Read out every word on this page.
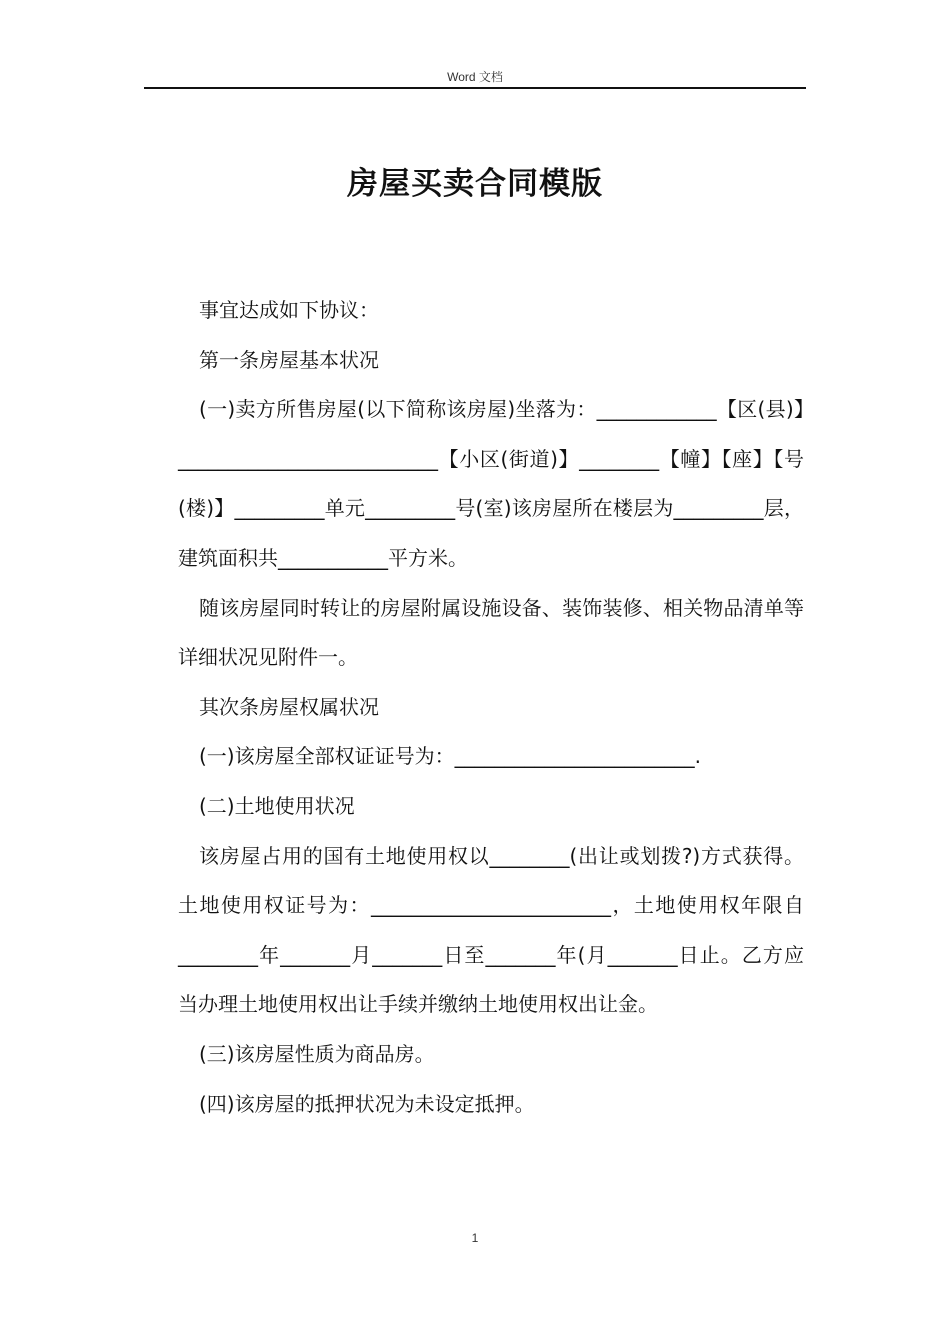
Word 文档
房屋买卖合同模版

事宜达成如下协议：

第一条房屋基本状况

(一)卖方所售房屋(以下简称该房屋)坐落为：____________【区(县)】__________________________【小区(街道)】________【幢】【座】【号(楼)】_________单元_________号(室)该房屋所在楼层为_________层，建筑面积共___________平方米。

随该房屋同时转让的房屋附属设施设备、装饰装修、相关物品清单等详细状况见附件一。

其次条房屋权属状况

(一)该房屋全部权证证号为：________________________.

(二)土地使用状况

该房屋占用的国有土地使用权以________(出让或划拨?)方式获得。土地使用权证号为：________________________，土地使用权年限自________年_______月_______日至_______年(月_______日止。乙方应当办理土地使用权出让手续并缴纳土地使用权出让金。

(三)该房屋性质为商品房。

(四)该房屋的抵押状况为未设定抵押。

1
